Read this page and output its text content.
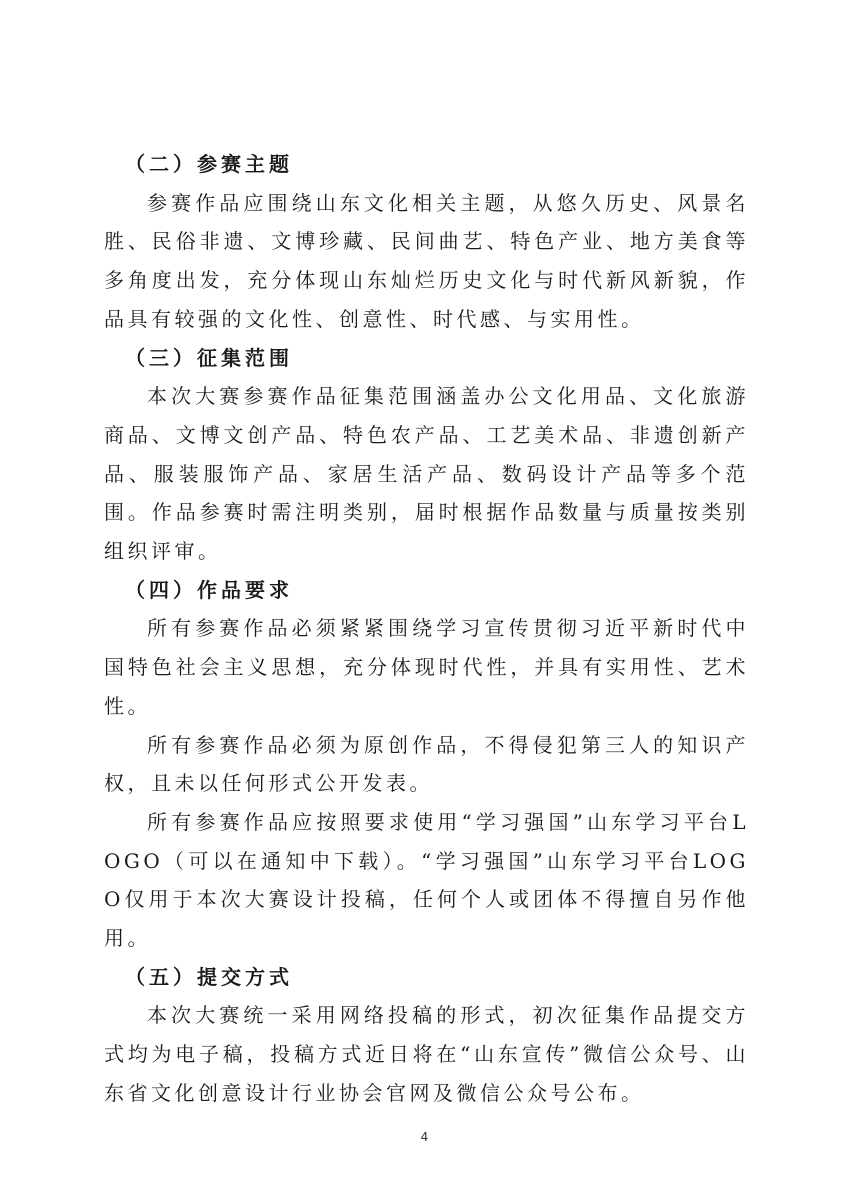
（二）参赛主题

参赛作品应围绕山东文化相关主题，从悠久历史、风景名胜、民俗非遗、文博珍藏、民间曲艺、特色产业、地方美食等多角度出发，充分体现山东灿烂历史文化与时代新风新貌，作品具有较强的文化性、创意性、时代感、与实用性。

（三）征集范围

本次大赛参赛作品征集范围涵盖办公文化用品、文化旅游商品、文博文创产品、特色农产品、工艺美术品、非遗创新产品、服装服饰产品、家居生活产品、数码设计产品等多个范围。作品参赛时需注明类别，届时根据作品数量与质量按类别组织评审。

（四）作品要求

所有参赛作品必须紧紧围绕学习宣传贯彻习近平新时代中国特色社会主义思想，充分体现时代性，并具有实用性、艺术性。

所有参赛作品必须为原创作品，不得侵犯第三人的知识产权，且未以任何形式公开发表。

所有参赛作品应按照要求使用“学习强国”山东学习平台LOGO（可以在通知中下载）。“学习强国”山东学习平台LOGO仅用于本次大赛设计投稿，任何个人或团体不得擅自另作他用。

（五）提交方式

本次大赛统一采用网络投稿的形式，初次征集作品提交方式均为电子稿，投稿方式近日将在“山东宣传”微信公众号、山东省文化创意设计行业协会官网及微信公众号公布。

4
